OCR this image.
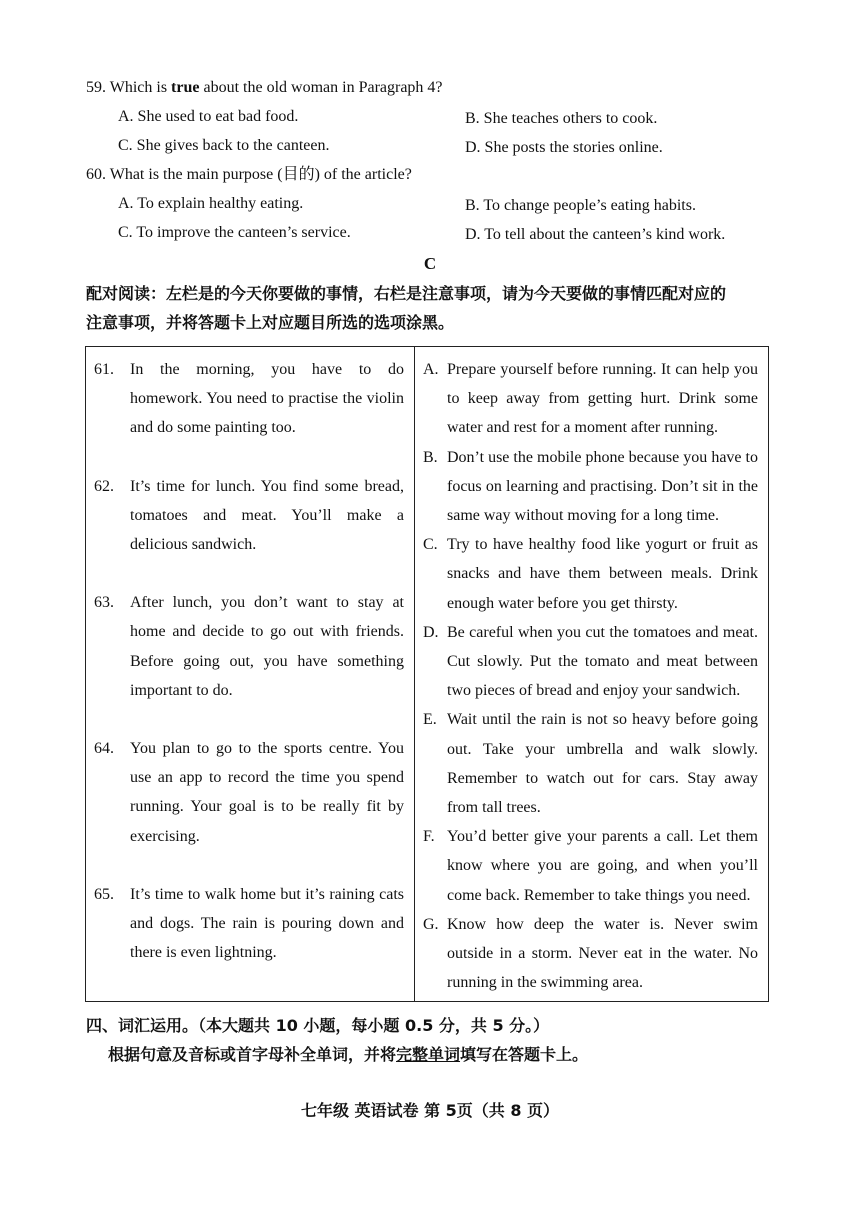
59. Which is true about the old woman in Paragraph 4?
A. She used to eat bad food.	B. She teaches others to cook.
C. She gives back to the canteen.	D. She posts the stories online.
60. What is the main purpose (目的) of the article?
A. To explain healthy eating.	B. To change people’s eating habits.
C. To improve the canteen’s service.	D. To tell about the canteen’s kind work.
C
配对阅读：左栏是的今天你要做的事情，右栏是注意事项，请为今天要做的事情匹配对应的
注意事项，并将答题卡上对应题目所选的选项涂黑。
61.	In the morning, you have to do homework. You need to practise the violin and do some painting too.
62.	It’s time for lunch. You find some bread, tomatoes and meat. You’ll make a delicious sandwich.
63.	After lunch, you don’t want to stay at home and decide to go out with friends. Before going out, you have something important to do.
64.	You plan to go to the sports centre. You use an app to record the time you spend running. Your goal is to be really fit by exercising.
65.	It’s time to walk home but it’s raining cats and dogs. The rain is pouring down and there is even lightning.

A. Prepare yourself before running. It can help you to keep away from getting hurt. Drink some water and rest for a moment after running.
B. Don’t use the mobile phone because you have to focus on learning and practising. Don’t sit in the same way without moving for a long time.
C. Try to have healthy food like yogurt or fruit as snacks and have them between meals. Drink enough water before you get thirsty.
D. Be careful when you cut the tomatoes and meat. Cut slowly. Put the tomato and meat between two pieces of bread and enjoy your sandwich.
E. Wait until the rain is not so heavy before going out. Take your umbrella and walk slowly. Remember to watch out for cars. Stay away from tall trees.
F. You’d better give your parents a call. Let them know where you are going, and when you’ll come back. Remember to take things you need.
G. Know how deep the water is. Never swim outside in a storm. Never eat in the water. No running in the swimming area.
四、词汇运用。（本大题共 10 小题，每小题 0.5 分，共 5 分。）
根据句意及音标或首字母补全单词，并将完整单词填写在答题卡上。
七年级 英语试卷 第 5页（共 8 页）
